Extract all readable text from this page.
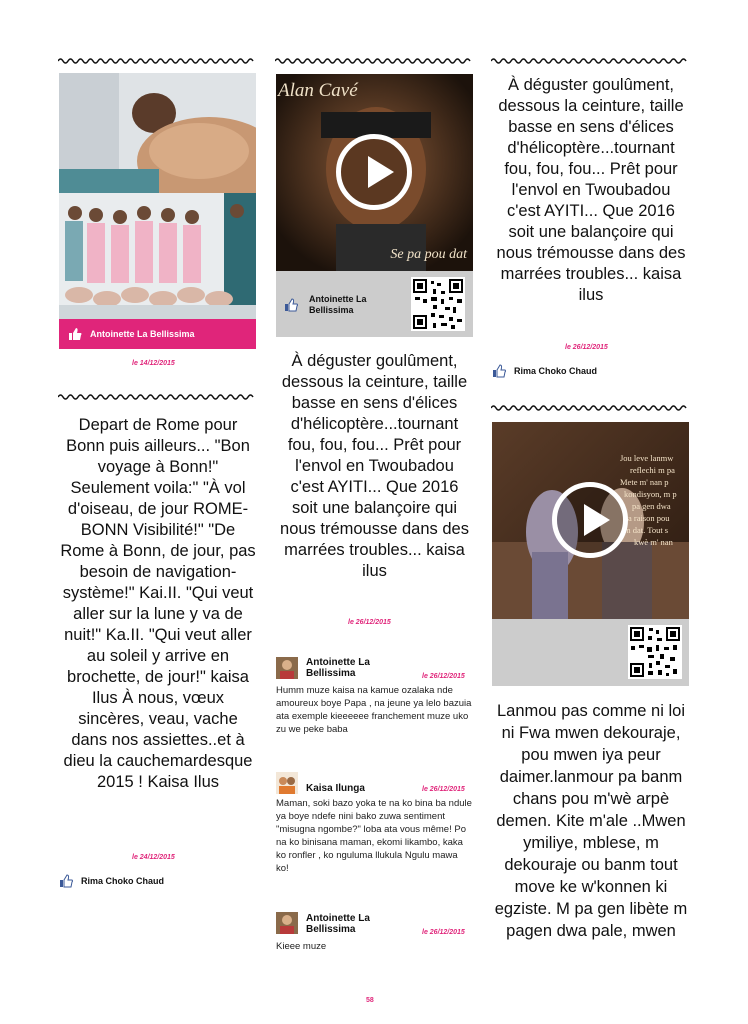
Antoinette La Bellissima
le 14/12/2015
Depart de Rome pour Bonn puis ailleurs... "Bon voyage à Bonn!" Seulement voila:" "À vol d'oiseau, de jour ROME-BONN Visibilité!" "De Rome à Bonn, de jour, pas besoin de navigation-système!" Kai.II. "Qui veut aller sur la lune y va de nuit!" Ka.II. "Qui veut aller au soleil y arrive en brochette, de jour!" kaisa Ilus À nous, vœux sincères, veau, vache dans nos assiettes..et à dieu la cauchemardesque 2015 ! Kaisa Ilus
le 24/12/2015
Rima Choko Chaud
Alan Cavé
Se pa pou dat
Antoinette La
Bellissima
À déguster goulûment, dessous la ceinture, taille basse en sens d'élices d'hélicoptère...tournant fou, fou, fou... Prêt pour l'envol en Twoubadou c'est AYITI... Que 2016 soit une balançoire qui nous trémousse dans des marrées troubles... kaisa ilus
le 26/12/2015
Antoinette La
Bellissima	le 26/12/2015
Humm muze kaisa na kamue ozalaka nde amoureux boye Papa , na jeune ya lelo bazuia ata exemple kieeeeee franchement muze uko zu we peke baba
Kaisa Ilunga	le 26/12/2015
Maman, soki bazo yoka te na ko bina ba ndule ya boye ndefe nini bako zuwa sentiment "misugna ngombe?" loba ata vous même! Po na ko binisana maman, ekomi likambo, kaka ko ronfler , ko nguluma llukula Ngulu mawa ko!
Antoinette La
Bellissima	le 26/12/2015
Kieee muze
À déguster goulûment, dessous la ceinture, taille basse en sens d'élices d'hélicoptère...tournant fou, fou, fou... Prêt pour l'envol en Twoubadou c'est AYITI... Que 2016 soit une balançoire qui nous trémousse dans des marrées troubles... kaisa ilus
le 26/12/2015
Rima Choko Chaud
Jou leve lanmw
reflechi m pa
Mete m' nan p
kondisyon, m p
pa gen dwa
a raison pou
m dat. Tout s
kwè m' nan
Lanmou pas comme ni loi ni Fwa mwen dekouraje, pou mwen iya peur daimer.lanmour pa banm chans pou m'wè arpè demen. Kite m'ale ..Mwen ymiliye, mblese, m dekouraje ou banm tout move ke w'konnen ki egziste. M pa gen libète m pagen dwa pale, mwen
58
